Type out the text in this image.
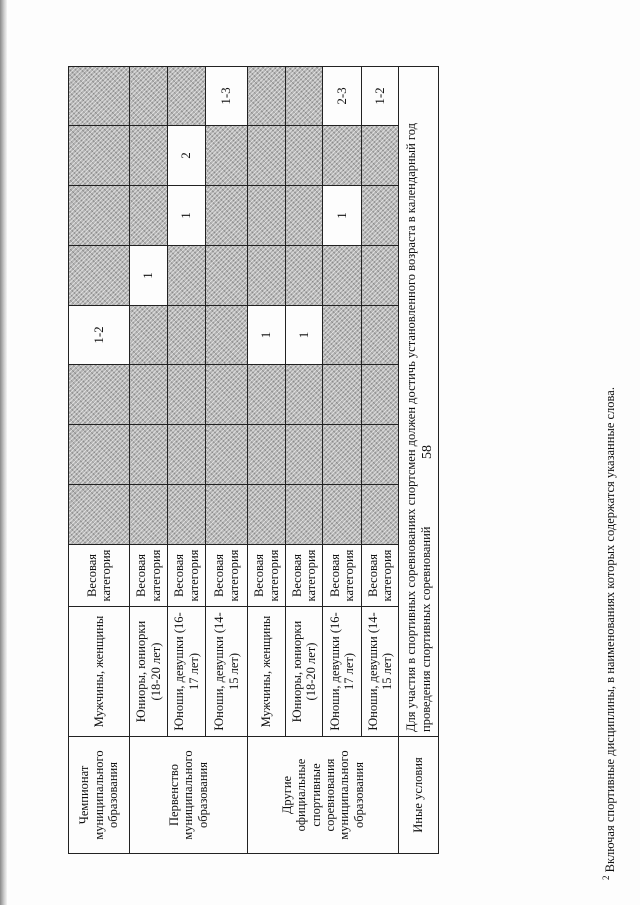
58
Чемпионат муниципального образования	Мужчины, женщины	Весовая категория				1-2				
Первенство муниципального образования	Юниоры, юниорки (18-20 лет)	Весовая категория					1			
	Юноши, девушки (16-17 лет)	Весовая категория						1	2	
	Юноши, девушки (14-15 лет)	Весовая категория								1-3
Другие официальные спортивные соревнования муниципального образования	Мужчины, женщины	Весовая категория				1				
	Юниоры, юниорки (18-20 лет)	Весовая категория				1				
	Юноши, девушки (16-17 лет)	Весовая категория						1		2-3
	Юноши, девушки (14-15 лет)	Весовая категория								1-2
Иные условия	Для участия в спортивных соревнованиях спортсмен должен достичь установленного возраста в календарный год проведения спортивных соревнований									
$^2$ Включая спортивные дисциплины, в наименованиях которых содержатся указанные слова.
